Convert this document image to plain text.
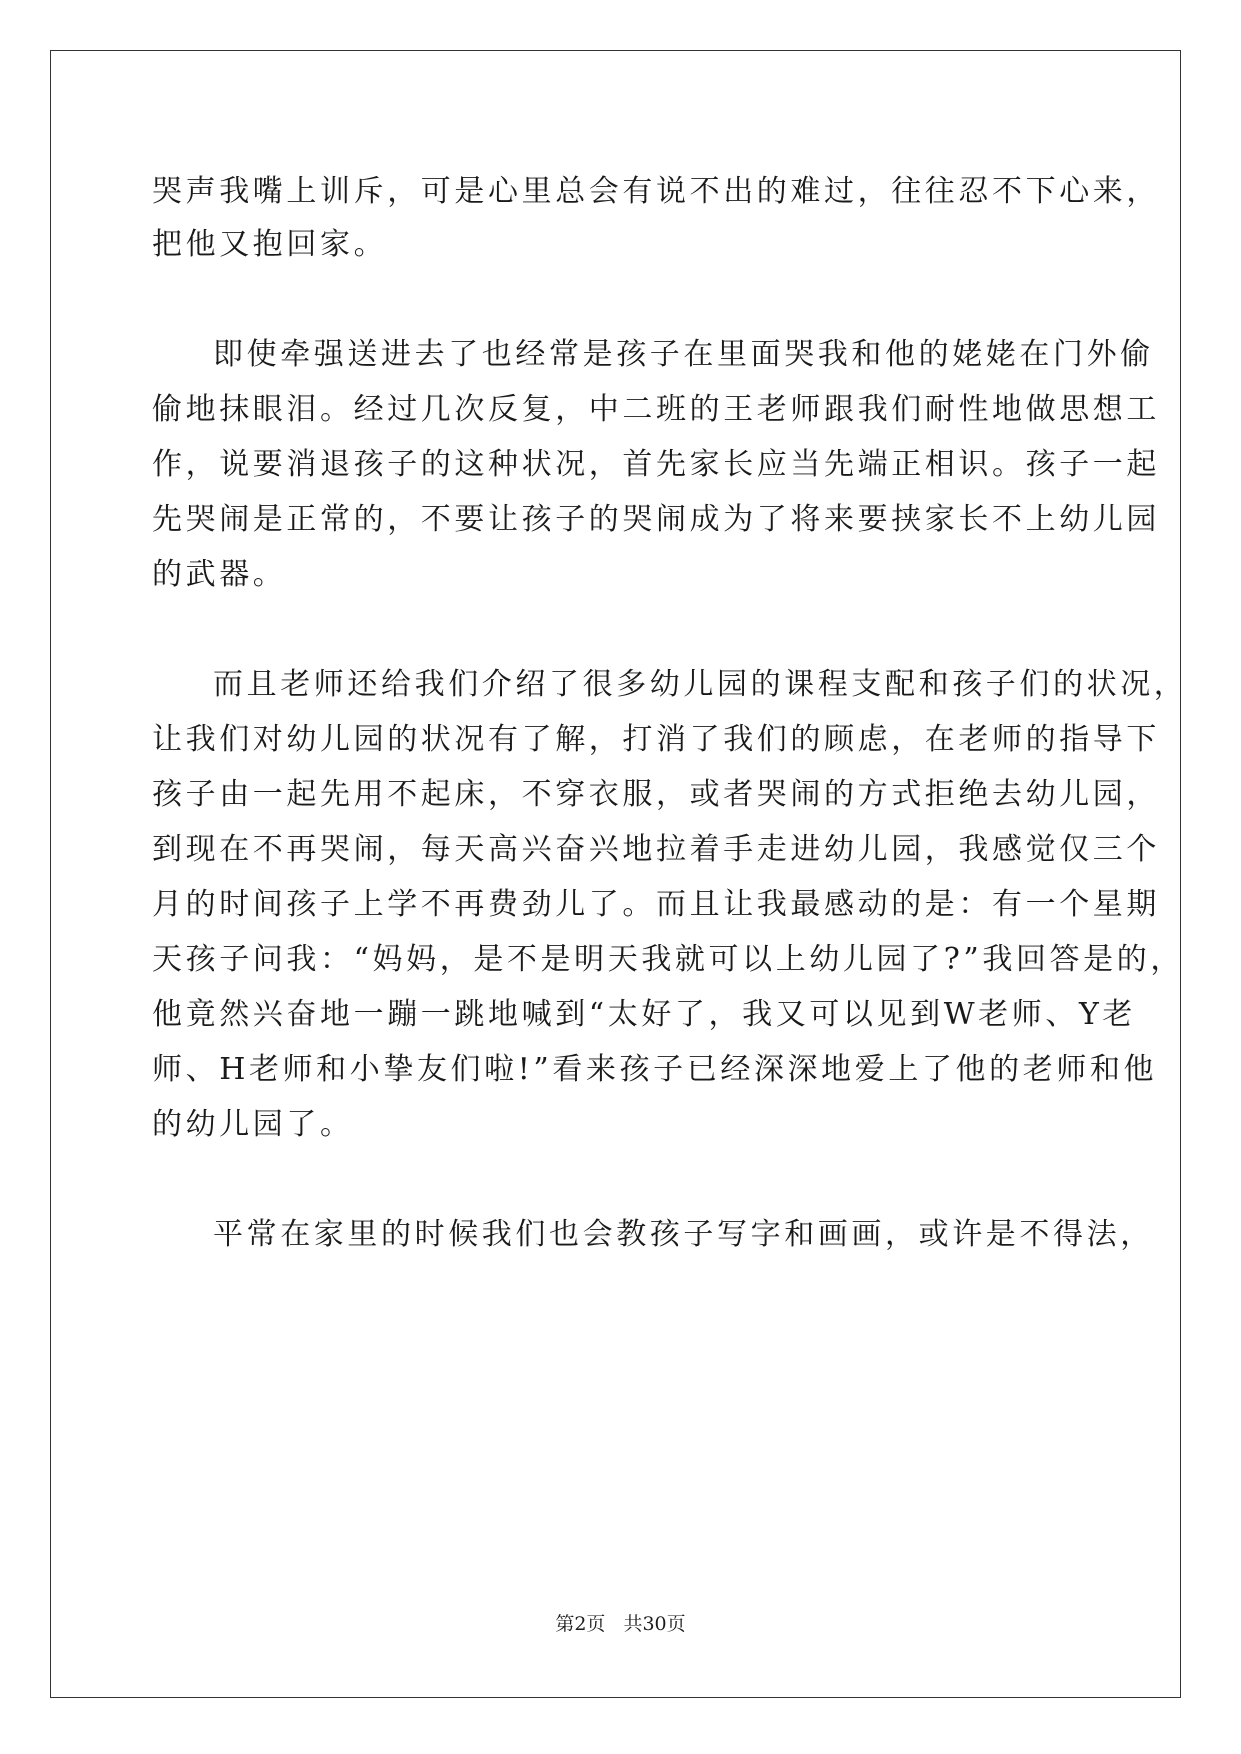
哭声我嘴上训斥，可是心里总会有说不出的难过，往往忍不下心来，
把他又抱回家。
即使牵强送进去了也经常是孩子在里面哭我和他的姥姥在门外偷
偷地抹眼泪。经过几次反复，中二班的王老师跟我们耐性地做思想工
作，说要消退孩子的这种状况，首先家长应当先端正相识。孩子一起
先哭闹是正常的，不要让孩子的哭闹成为了将来要挟家长不上幼儿园
的武器。
而且老师还给我们介绍了很多幼儿园的课程支配和孩子们的状况，
让我们对幼儿园的状况有了解，打消了我们的顾虑，在老师的指导下
孩子由一起先用不起床，不穿衣服，或者哭闹的方式拒绝去幼儿园，
到现在不再哭闹，每天高兴奋兴地拉着手走进幼儿园，我感觉仅三个
月的时间孩子上学不再费劲儿了。而且让我最感动的是：有一个星期
天孩子问我：“妈妈，是不是明天我就可以上幼儿园了?”我回答是的，
他竟然兴奋地一蹦一跳地喊到“太好了，我又可以见到W老师、Y老
师、H老师和小挚友们啦!”看来孩子已经深深地爱上了他的老师和他
的幼儿园了。
平常在家里的时候我们也会教孩子写字和画画，或许是不得法，
第2页 共30页
